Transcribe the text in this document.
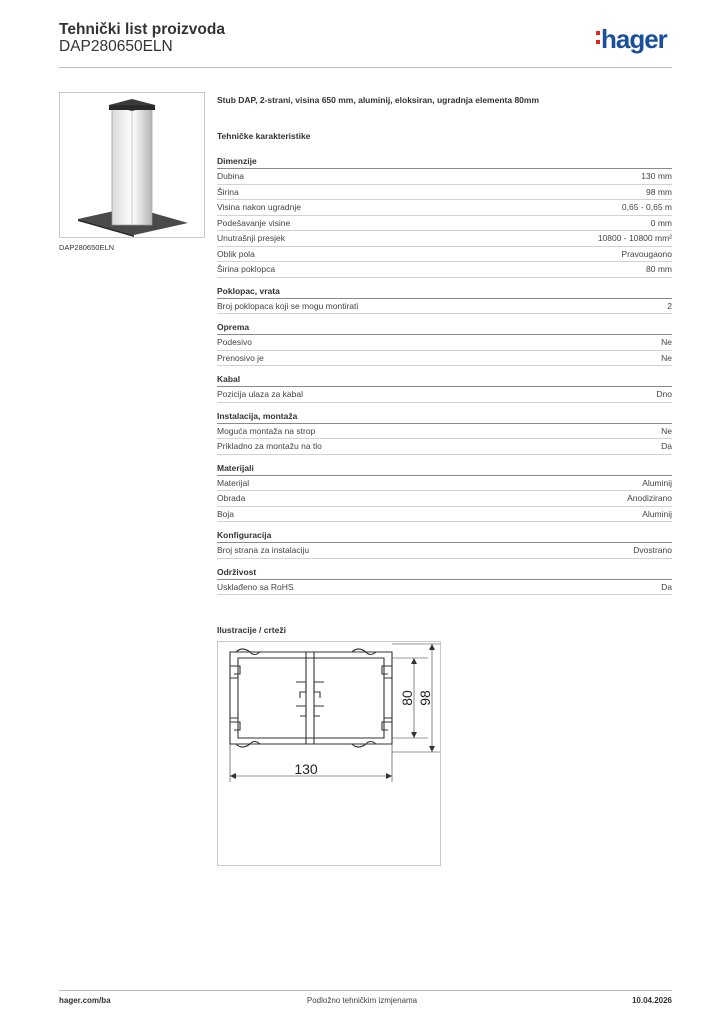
Tehnički list proizvoda
DAP280650ELN	hager
DAP280650ELN
Stub DAP, 2-strani, visina 650 mm, aluminij, eloksiran, ugradnja elementa 80mm
Tehničke karakteristike
Dimenzije
Dubina	130 mm
Širina	98 mm
Visina nakon ugradnje	0,65 - 0,65 m
Podešavanje visine	0 mm
Unutrašnji presjek	10800 - 10800 mm²
Oblik pola	Pravougaono
Širina poklopca	80 mm
Poklopac, vrata
Broj poklopaca koji se mogu montirati	2
Oprema
Podesivo	Ne
Prenosivo je	Ne
Kabal
Pozicija ulaza za kabal	Dno
Instalacija, montaža
Moguća montaža na strop	Ne
Prikladno za montažu na tlo	Da
Materijali
Materijal	Aluminij
Obrada	Anodizirano
Boja	Aluminij
Konfiguracija
Broj strana za instalaciju	Dvostrano
Održivost
Usklađeno sa RoHS	Da
Ilustracije / crteži
130
80 98
hager.com/ba	Podložno tehničkim izmjenama	10.04.2026
